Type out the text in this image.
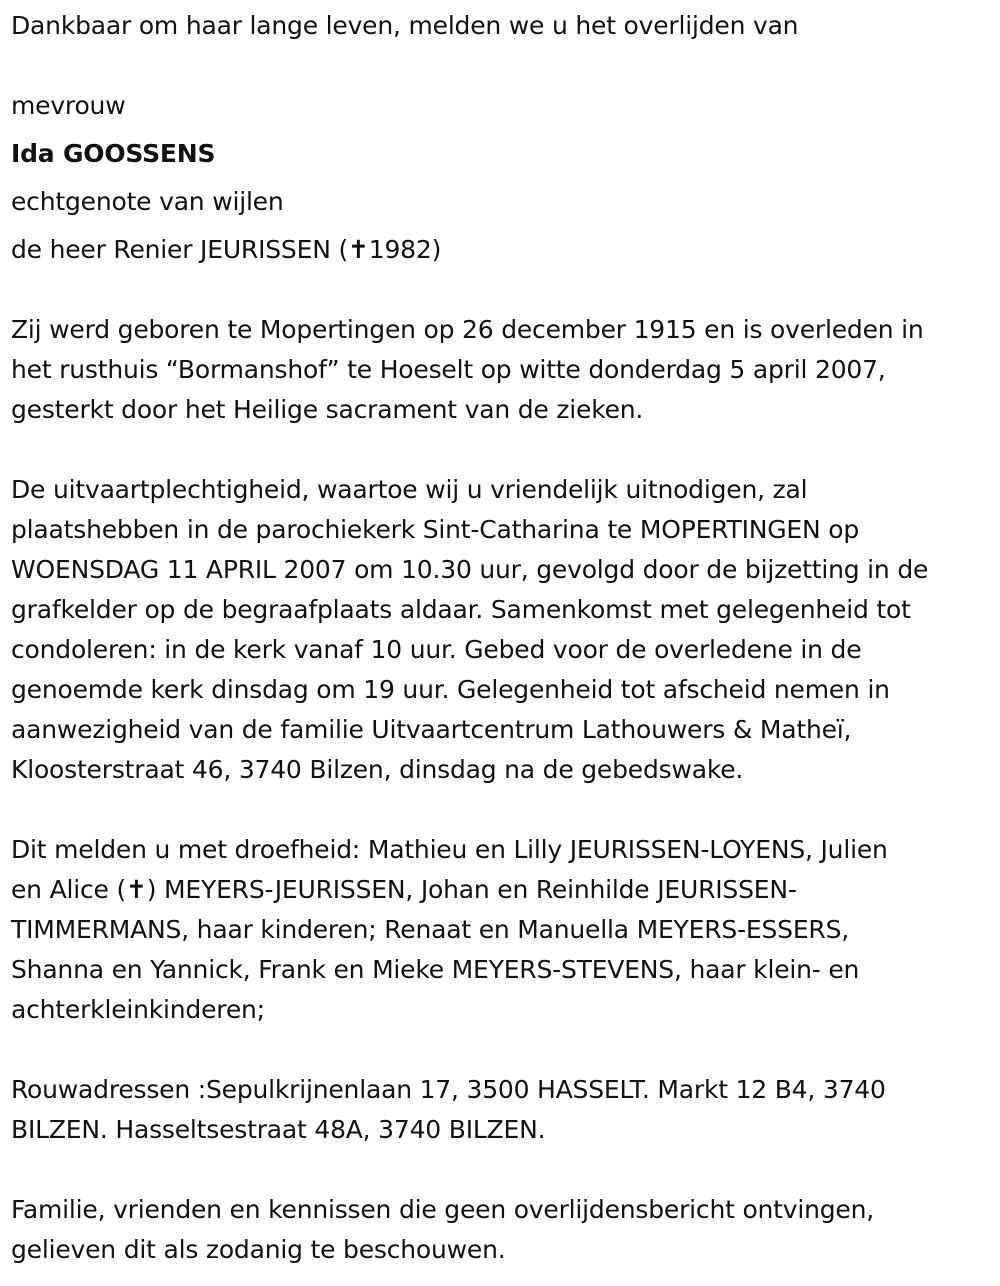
Dankbaar om haar lange leven, melden we u het overlijden van
mevrouw
Ida GOOSSENS
echtgenote van wijlen
de heer Renier JEURISSEN (✝1982)
Zij werd geboren te Mopertingen op 26 december 1915 en is overleden in
het rusthuis “Bormanshof” te Hoeselt op witte donderdag 5 april 2007,
gesterkt door het Heilige sacrament van de zieken.
De uitvaartplechtigheid, waartoe wij u vriendelijk uitnodigen, zal
plaatshebben in de parochiekerk Sint-Catharina te MOPERTINGEN op
WOENSDAG 11 APRIL 2007 om 10.30 uur, gevolgd door de bijzetting in de
grafkelder op de begraafplaats aldaar. Samenkomst met gelegenheid tot
condoleren: in de kerk vanaf 10 uur. Gebed voor de overledene in de
genoemde kerk dinsdag om 19 uur. Gelegenheid tot afscheid nemen in
aanwezigheid van de familie Uitvaartcentrum Lathouwers & Matheï,
Kloosterstraat 46, 3740 Bilzen, dinsdag na de gebedswake.
Dit melden u met droefheid: Mathieu en Lilly JEURISSEN-LOYENS, Julien
en Alice (✝) MEYERS-JEURISSEN, Johan en Reinhilde JEURISSEN-
TIMMERMANS, haar kinderen; Renaat en Manuella MEYERS-ESSERS,
Shanna en Yannick, Frank en Mieke MEYERS-STEVENS, haar klein- en
achterkleinkinderen;
Rouwadressen :Sepulkrijnenlaan 17, 3500 HASSELT. Markt 12 B4, 3740
BILZEN. Hasseltsestraat 48A, 3740 BILZEN.
Familie, vrienden en kennissen die geen overlijdensbericht ontvingen,
gelieven dit als zodanig te beschouwen.
